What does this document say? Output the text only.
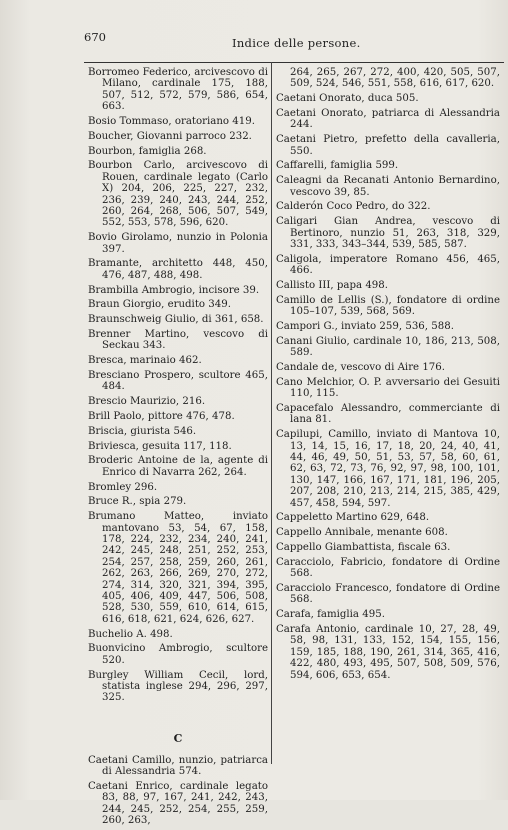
670	Indice delle persone.

Borromeo Federico, arcivescovo di Milano, cardinale 175, 188, 507, 512, 572, 579, 586, 654, 663.

Bosio Tommaso, oratoriano 419.

Boucher, Giovanni parroco 232.

Bourbon, famiglia 268.

Bourbon Carlo, arcivescovo di Rouen, cardinale legato (Carlo X) 204, 206, 225, 227, 232, 236, 239, 240, 243, 244, 252, 260, 264, 268, 506, 507, 549, 552, 553, 578, 596, 620.

Bovio Girolamo, nunzio in Polonia 397.

Bramante, architetto 448, 450, 476, 487, 488, 498.

Brambilla Ambrogio, incisore 39.

Braun Giorgio, erudito 349.

Braunschweig Giulio, di 361, 658.

Brenner Martino, vescovo di Seckau 343.

Bresca, marinaio 462.

Bresciano Prospero, scultore 465, 484.

Brescio Maurizio, 216.

Brill Paolo, pittore 476, 478.

Briscia, giurista 546.

Briviesca, gesuita 117, 118.

Broderic Antoine de la, agente di Enrico di Navarra 262, 264.

Bromley 296.

Bruce R., spia 279.

Brumano Matteo, inviato mantovano 53, 54, 67, 158, 178, 224, 232, 234, 240, 241, 242, 245, 248, 251, 252, 253, 254, 257, 258, 259, 260, 261, 262, 263, 266, 269, 270, 272, 274, 314, 320, 321, 394, 395, 405, 406, 409, 447, 506, 508, 528, 530, 559, 610, 614, 615, 616, 618, 621, 624, 626, 627.

Buchelio A. 498.

Buonvicino Ambrogio, scultore 520.

Burgley William Cecil, lord, statista inglese 294, 296, 297, 325.

C

Caetani Camillo, nunzio, patriarca di Alessandria 574.

Caetani Enrico, cardinale legato 83, 88, 97, 167, 241, 242, 243, 244, 245, 252, 254, 255, 259, 260, 263,

264, 265, 267, 272, 400, 420, 505, 507, 509, 524, 546, 551, 558, 616, 617, 620.

Caetani Onorato, duca 505.

Caetani Onorato, patriarca di Alessandria 244.

Caetani Pietro, prefetto della cavalleria, 550.

Caffarelli, famiglia 599.

Caleagni da Recanati Antonio Bernardino, vescovo 39, 85.

Calderón Coco Pedro, do 322.

Caligari Gian Andrea, vescovo di Bertinoro, nunzio 51, 263, 318, 329, 331, 333, 343–344, 539, 585, 587.

Caligola, imperatore Romano 456, 465, 466.

Callisto III, papa 498.

Camillo de Lellis (S.), fondatore di ordine 105–107, 539, 568, 569.

Campori G., inviato 259, 536, 588.

Canani Giulio, cardinale 10, 186, 213, 508, 589.

Candale de, vescovo di Aire 176.

Cano Melchior, O. P. avversario dei Gesuiti 110, 115.

Capacefalo Alessandro, commerciante di lana 81.

Capilupi, Camillo, inviato di Mantova 10, 13, 14, 15, 16, 17, 18, 20, 24, 40, 41, 44, 46, 49, 50, 51, 53, 57, 58, 60, 61, 62, 63, 72, 73, 76, 92, 97, 98, 100, 101, 130, 147, 166, 167, 171, 181, 196, 205, 207, 208, 210, 213, 214, 215, 385, 429, 457, 458, 594, 597.

Cappeletto Martino 629, 648.

Cappello Annibale, menante 608.

Cappello Giambattista, fiscale 63.

Caracciolo, Fabricio, fondatore di Ordine 568.

Caracciolo Francesco, fondatore di Ordine 568.

Carafa, famiglia 495.

Carafa Antonio, cardinale 10, 27, 28, 49, 58, 98, 131, 133, 152, 154, 155, 156, 159, 185, 188, 190, 261, 314, 365, 416, 422, 480, 493, 495, 507, 508, 509, 576, 594, 606, 653, 654.
